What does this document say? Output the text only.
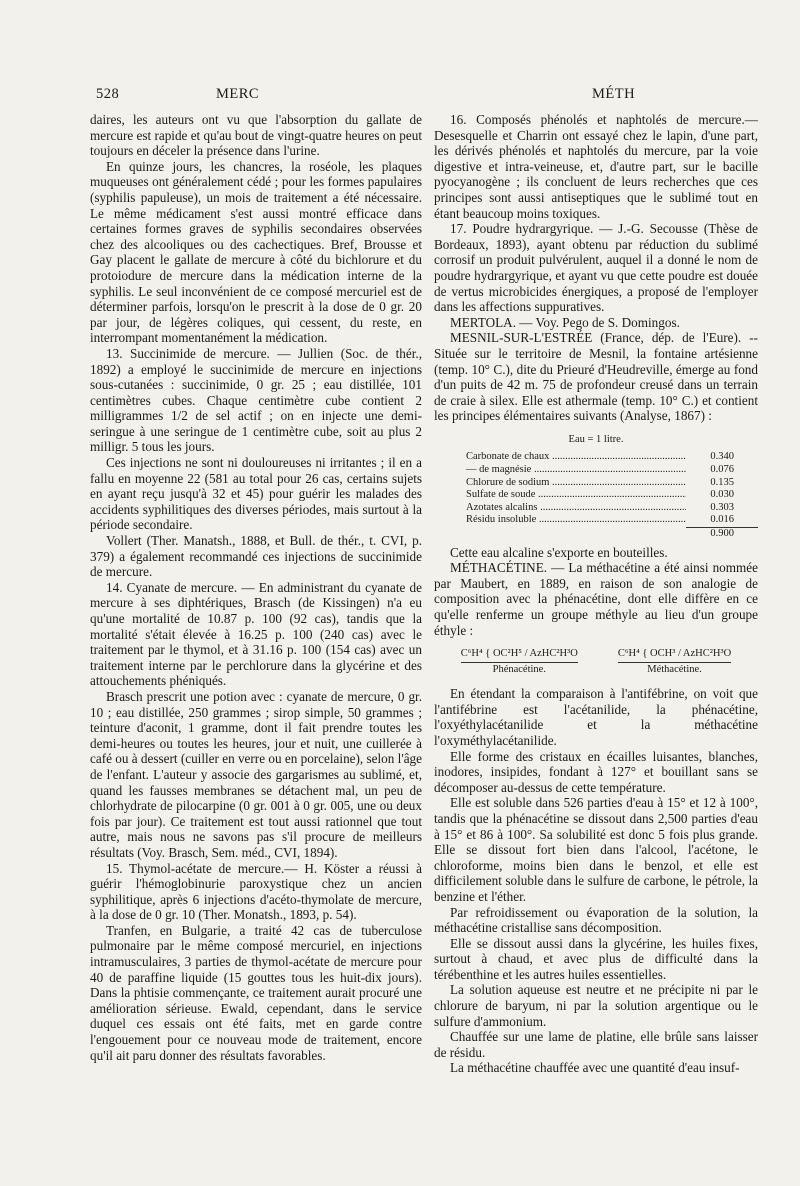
528	MERC	MÉTH

daires, les auteurs ont vu que l'absorption du gallate de mercure est rapide et qu'au bout de vingt-quatre heures on peut toujours en déceler la présence dans l'urine.

En quinze jours, les chancres, la roséole, les plaques muqueuses ont généralement cédé ; pour les formes papulaires (syphilis papuleuse), un mois de traitement a été nécessaire. Le même médicament s'est aussi montré efficace dans certaines formes graves de syphilis secondaires observées chez des alcooliques ou des cachectiques. Bref, Brousse et Gay placent le gallate de mercure à côté du bichlorure et du protoiodure de mercure dans la médication interne de la syphilis. Le seul inconvénient de ce composé mercuriel est de déterminer parfois, lorsqu'on le prescrit à la dose de 0 gr. 20 par jour, de légères coliques, qui cessent, du reste, en interrompant momentanément la médication.

13. Succinimide de mercure. — Jullien (Soc. de thér., 1892) a employé le succinimide de mercure en injections sous-cutanées : succinimide, 0 gr. 25 ; eau distillée, 101 centimètres cubes. Chaque centimètre cube contient 2 milligrammes 1/2 de sel actif ; on en injecte une demi-seringue à une seringue de 1 centimètre cube, soit au plus 2 milligr. 5 tous les jours.

Ces injections ne sont ni douloureuses ni irritantes ; il en a fallu en moyenne 22 (581 au total pour 26 cas, certains sujets en ayant reçu jusqu'à 32 et 45) pour guérir les malades des accidents syphilitiques des diverses périodes, mais surtout à la période secondaire.

Vollert (Ther. Manatsh., 1888, et Bull. de thér., t. CVI, p. 379) a également recommandé ces injections de succinimide de mercure.

14. Cyanate de mercure. — En administrant du cyanate de mercure à ses diphtériques, Brasch (de Kissingen) n'a eu qu'une mortalité de 10.87 p. 100 (92 cas), tandis que la mortalité s'était élevée à 16.25 p. 100 (240 cas) avec le traitement par le thymol, et à 31.16 p. 100 (154 cas) avec un traitement interne par le perchlorure dans la glycérine et des attouchements phéniqués.

Brasch prescrit une potion avec : cyanate de mercure, 0 gr. 10 ; eau distillée, 250 grammes ; sirop simple, 50 grammes ; teinture d'aconit, 1 gramme, dont il fait prendre toutes les demi-heures ou toutes les heures, jour et nuit, une cuillerée à café ou à dessert (cuiller en verre ou en porcelaine), selon l'âge de l'enfant. L'auteur y associe des gargarismes au sublimé, et, quand les fausses membranes se détachent mal, un peu de chlorhydrate de pilocarpine (0 gr. 001 à 0 gr. 005, une ou deux fois par jour). Ce traitement est tout aussi rationnel que tout autre, mais nous ne savons pas s'il procure de meilleurs résultats (Voy. Brasch, Sem. méd., CVI, 1894).

15. Thymol-acétate de mercure.— H. Köster a réussi à guérir l'hémoglobinurie paroxystique chez un ancien syphilitique, après 6 injections d'acéto-thymolate de mercure, à la dose de 0 gr. 10 (Ther. Monatsh., 1893, p. 54).

Tranfen, en Bulgarie, a traité 42 cas de tuberculose pulmonaire par le même composé mercuriel, en injections intramusculaires, 3 parties de thymol-acétate de mercure pour 40 de paraffine liquide (15 gouttes tous les huit-dix jours). Dans la phtisie commençante, ce traitement aurait procuré une amélioration sérieuse. Ewald, cependant, dans le service duquel ces essais ont été faits, met en garde contre l'engouement pour ce nouveau mode de traitement, encore qu'il ait paru donner des résultats favorables.

16. Composés phénolés et naphtolés de mercure.— Desesquelle et Charrin ont essayé chez le lapin, d'une part, les dérivés phénolés et naphtolés du mercure, par la voie digestive et intra-veineuse, et, d'autre part, sur le bacille pyocyanogène ; ils concluent de leurs recherches que ces principes sont aussi antiseptiques que le sublimé tout en étant beaucoup moins toxiques.

17. Poudre hydrargyrique. — J.-G. Secousse (Thèse de Bordeaux, 1893), ayant obtenu par réduction du sublimé corrosif un produit pulvérulent, auquel il a donné le nom de poudre hydrargyrique, et ayant vu que cette poudre est douée de vertus microbicides énergiques, a proposé de l'employer dans les affections suppuratives.

MERTOLA. — Voy. Pego de S. Domingos.

MESNIL-SUR-L'ESTRÉE (France, dép. de l'Eure). -- Située sur le territoire de Mesnil, la fontaine artésienne (temp. 10° C.), dite du Prieuré d'Heudreville, émerge au fond d'un puits de 42 m. 75 de profondeur creusé dans un terrain de craie à silex. Elle est athermale (temp. 10° C.) et contient les principes élémentaires suivants (Analyse, 1867) :

Eau = 1 litre.
Carbonate de chaux .....	0.340
— de magnésie .....	0.076
Chlorure de sodium .....	0.135
Sulfate de soude .....	0.030
Azotates alcalins .....	0.303
Résidu insoluble .....	0.016
0.900

Cette eau alcaline s'exporte en bouteilles.

MÉTHACÉTINE. — La méthacétine a été ainsi nommée par Maubert, en 1889, en raison de son analogie de composition avec la phénacétine, dont elle diffère en ce qu'elle renferme un groupe méthyle au lieu d'un groupe éthyle :

C⁶H⁴ { OC²H⁵ / AzHC²H³O
Phénacétine.
C⁶H⁴ { OCH³ / AzHC²H³O
Méthacétine.

En étendant la comparaison à l'antifébrine, on voit que l'antifébrine est l'acétanilide, la phénacétine, l'oxyéthylacétanilide et la méthacétine l'oxyméthylacétanilide.

Elle forme des cristaux en écailles luisantes, blanches, inodores, insipides, fondant à 127° et bouillant sans se décomposer au-dessus de cette température.

Elle est soluble dans 526 parties d'eau à 15° et 12 à 100°, tandis que la phénacétine se dissout dans 2,500 parties d'eau à 15° et 86 à 100°. Sa solubilité est donc 5 fois plus grande. Elle se dissout fort bien dans l'alcool, l'acétone, le chloroforme, moins bien dans le benzol, et elle est difficilement soluble dans le sulfure de carbone, le pétrole, la benzine et l'éther.

Par refroidissement ou évaporation de la solution, la méthacétine cristallise sans décomposition.

Elle se dissout aussi dans la glycérine, les huiles fixes, surtout à chaud, et avec plus de difficulté dans la térébenthine et les autres huiles essentielles.

La solution aqueuse est neutre et ne précipite ni par le chlorure de baryum, ni par la solution argentique ou le sulfure d'ammonium.

Chauffée sur une lame de platine, elle brûle sans laisser de résidu.

La méthacétine chauffée avec une quantité d'eau insuf-
